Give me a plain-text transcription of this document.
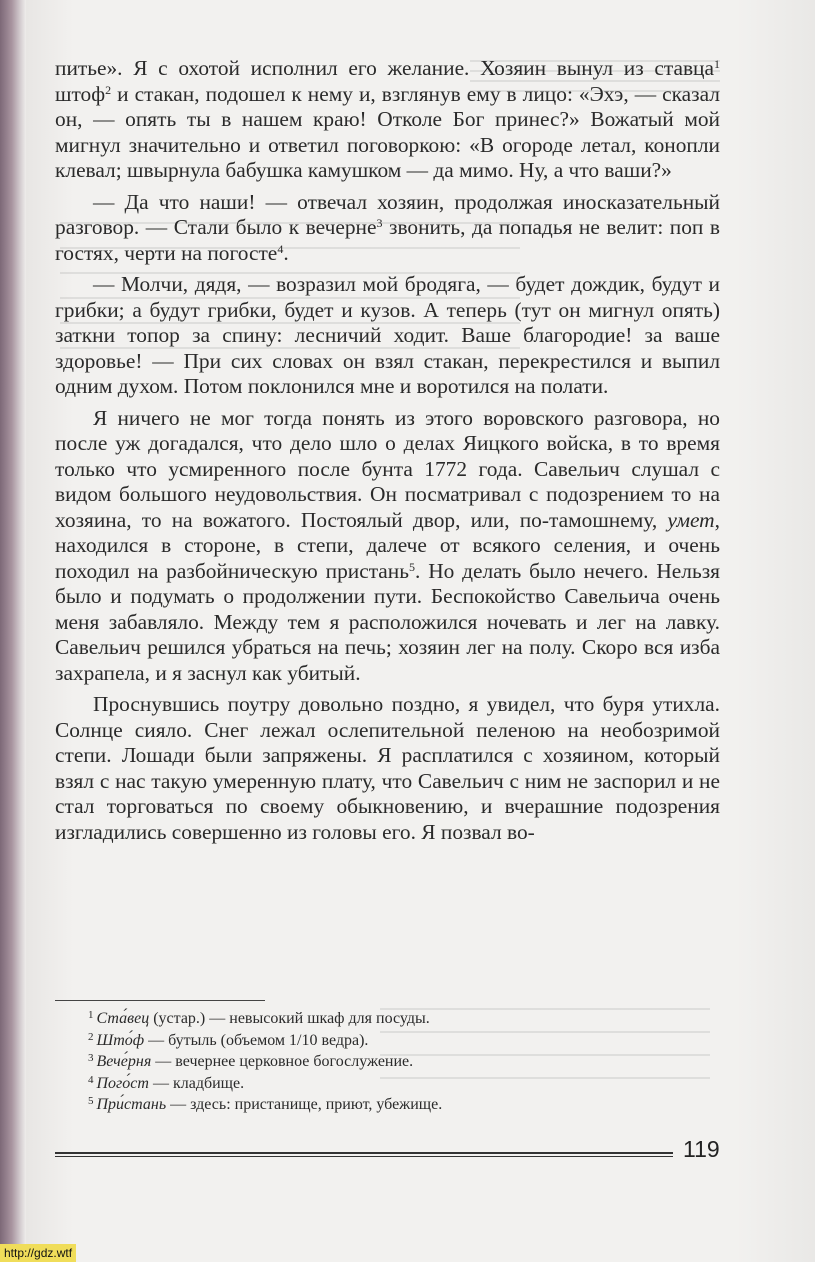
питье». Я с охотой исполнил его желание. Хозяин вынул из ставца$^1$ штоф$^2$ и стакан, подошел к нему и, взглянув ему в лицо: «Эхэ, — сказал он, — опять ты в нашем краю! Отколе Бог принес?» Вожатый мой мигнул значительно и ответил поговоркою: «В огороде летал, конопли клевал; швырнула бабушка камушком — да мимо. Ну, а что ваши?»

— Да что наши! — отвечал хозяин, продолжая иносказательный разговор. — Стали было к вечерне$^3$ звонить, да попадья не велит: поп в гостях, черти на погосте$^4$.

— Молчи, дядя, — возразил мой бродяга, — будет дождик, будут и грибки; а будут грибки, будет и кузов. А теперь (тут он мигнул опять) заткни топор за спину: лесничий ходит. Ваше благородие! за ваше здоровье! — При сих словах он взял стакан, перекрестился и выпил одним духом. Потом поклонился мне и воротился на полати.

Я ничего не мог тогда понять из этого воровского разговора, но после уж догадался, что дело шло о делах Яицкого войска, в то время только что усмиренного после бунта 1772 года. Савельич слушал с видом большого неудовольствия. Он посматривал с подозрением то на хозяина, то на вожатого. Постоялый двор, или, по-тамошнему, умет, находился в стороне, в степи, далече от всякого селения, и очень походил на разбойническую пристань$^5$. Но делать было нечего. Нельзя было и подумать о продолжении пути. Беспокойство Савельича очень меня забавляло. Между тем я расположился ночевать и лег на лавку. Савельич решился убраться на печь; хозяин лег на полу. Скоро вся изба захрапела, и я заснул как убитый.

Проснувшись поутру довольно поздно, я увидел, что буря утихла. Солнце сияло. Снег лежал ослепительной пеленою на необозримой степи. Лошади были запряжены. Я расплатился с хозяином, который взял с нас такую умеренную плату, что Савельич с ним не заспорил и не стал торговаться по своему обыкновению, и вчерашние подозрения изгладились совершенно из головы его. Я позвал во-

$^1$ Ста́вец (устар.) — невысокий шкаф для посуды.
$^2$ Што́ф — бутыль (объемом 1/10 ведра).
$^3$ Вече́рня — вечернее церковное богослужение.
$^4$ Пого́ст — кладбище.
$^5$ При́стань — здесь: пристанище, приют, убежище.
119
http://gdz.wtf
